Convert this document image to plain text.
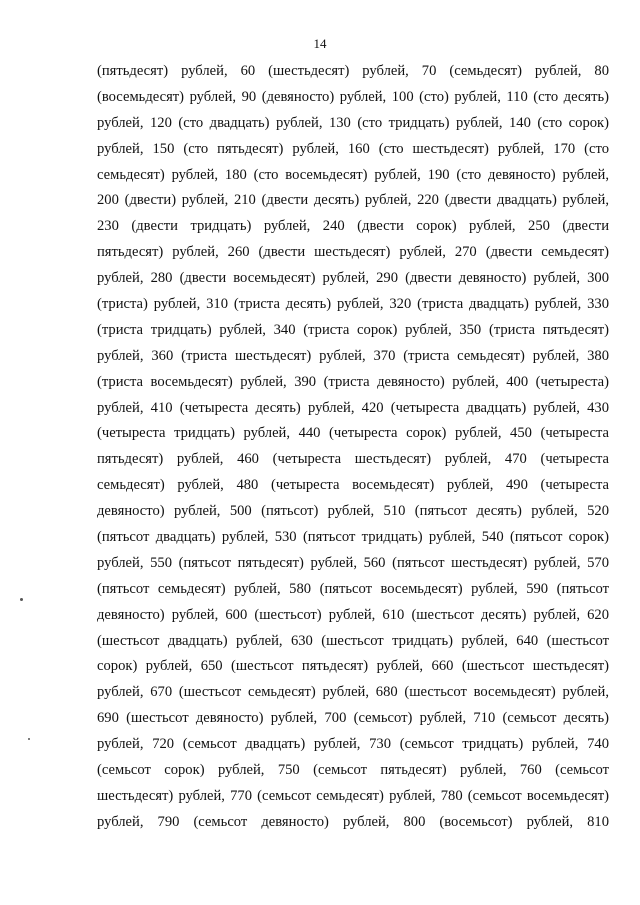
14
(пятьдесят) рублей, 60 (шестьдесят) рублей, 70 (семьдесят) рублей, 80
(восемьдесят) рублей, 90 (девяносто) рублей, 100 (сто) рублей, 110 (сто десять)
рублей, 120 (сто двадцать) рублей, 130 (сто тридцать) рублей, 140 (сто сорок)
рублей, 150 (сто пятьдесят) рублей, 160 (сто шестьдесят) рублей, 170 (сто
семьдесят) рублей, 180 (сто восемьдесят) рублей, 190 (сто девяносто) рублей,
200 (двести) рублей, 210 (двести десять) рублей, 220 (двести двадцать) рублей,
230 (двести тридцать) рублей, 240 (двести сорок) рублей, 250 (двести
пятьдесят) рублей, 260 (двести шестьдесят) рублей, 270 (двести семьдесят)
рублей, 280 (двести восемьдесят) рублей, 290 (двести девяносто) рублей, 300
(триста) рублей, 310 (триста десять) рублей, 320 (триста двадцать) рублей, 330
(триста тридцать) рублей, 340 (триста сорок) рублей, 350 (триста пятьдесят)
рублей, 360 (триста шестьдесят) рублей, 370 (триста семьдесят) рублей, 380
(триста восемьдесят) рублей, 390 (триста девяносто) рублей, 400 (четыреста)
рублей, 410 (четыреста десять) рублей, 420 (четыреста двадцать) рублей, 430
(четыреста тридцать) рублей, 440 (четыреста сорок) рублей, 450 (четыреста
пятьдесят) рублей, 460 (четыреста шестьдесят) рублей, 470 (четыреста
семьдесят) рублей, 480 (четыреста восемьдесят) рублей, 490 (четыреста
девяносто) рублей, 500 (пятьсот) рублей, 510 (пятьсот десять) рублей, 520
(пятьсот двадцать) рублей, 530 (пятьсот тридцать) рублей, 540 (пятьсот сорок)
рублей, 550 (пятьсот пятьдесят) рублей, 560 (пятьсот шестьдесят) рублей, 570
(пятьсот семьдесят) рублей, 580 (пятьсот восемьдесят) рублей, 590 (пятьсот
девяносто) рублей, 600 (шестьсот) рублей, 610 (шестьсот десять) рублей, 620
(шестьсот двадцать) рублей, 630 (шестьсот тридцать) рублей, 640 (шестьсот
сорок) рублей, 650 (шестьсот пятьдесят) рублей, 660 (шестьсот шестьдесят)
рублей, 670 (шестьсот семьдесят) рублей, 680 (шестьсот восемьдесят) рублей,
690 (шестьсот девяносто) рублей, 700 (семьсот) рублей, 710 (семьсот десять)
рублей, 720 (семьсот двадцать) рублей, 730 (семьсот тридцать) рублей, 740
(семьсот сорок) рублей, 750 (семьсот пятьдесят) рублей, 760 (семьсот
шестьдесят) рублей, 770 (семьсот семьдесят) рублей, 780 (семьсот восемьдесят)
рублей, 790 (семьсот девяносто) рублей, 800 (восемьсот) рублей, 810
